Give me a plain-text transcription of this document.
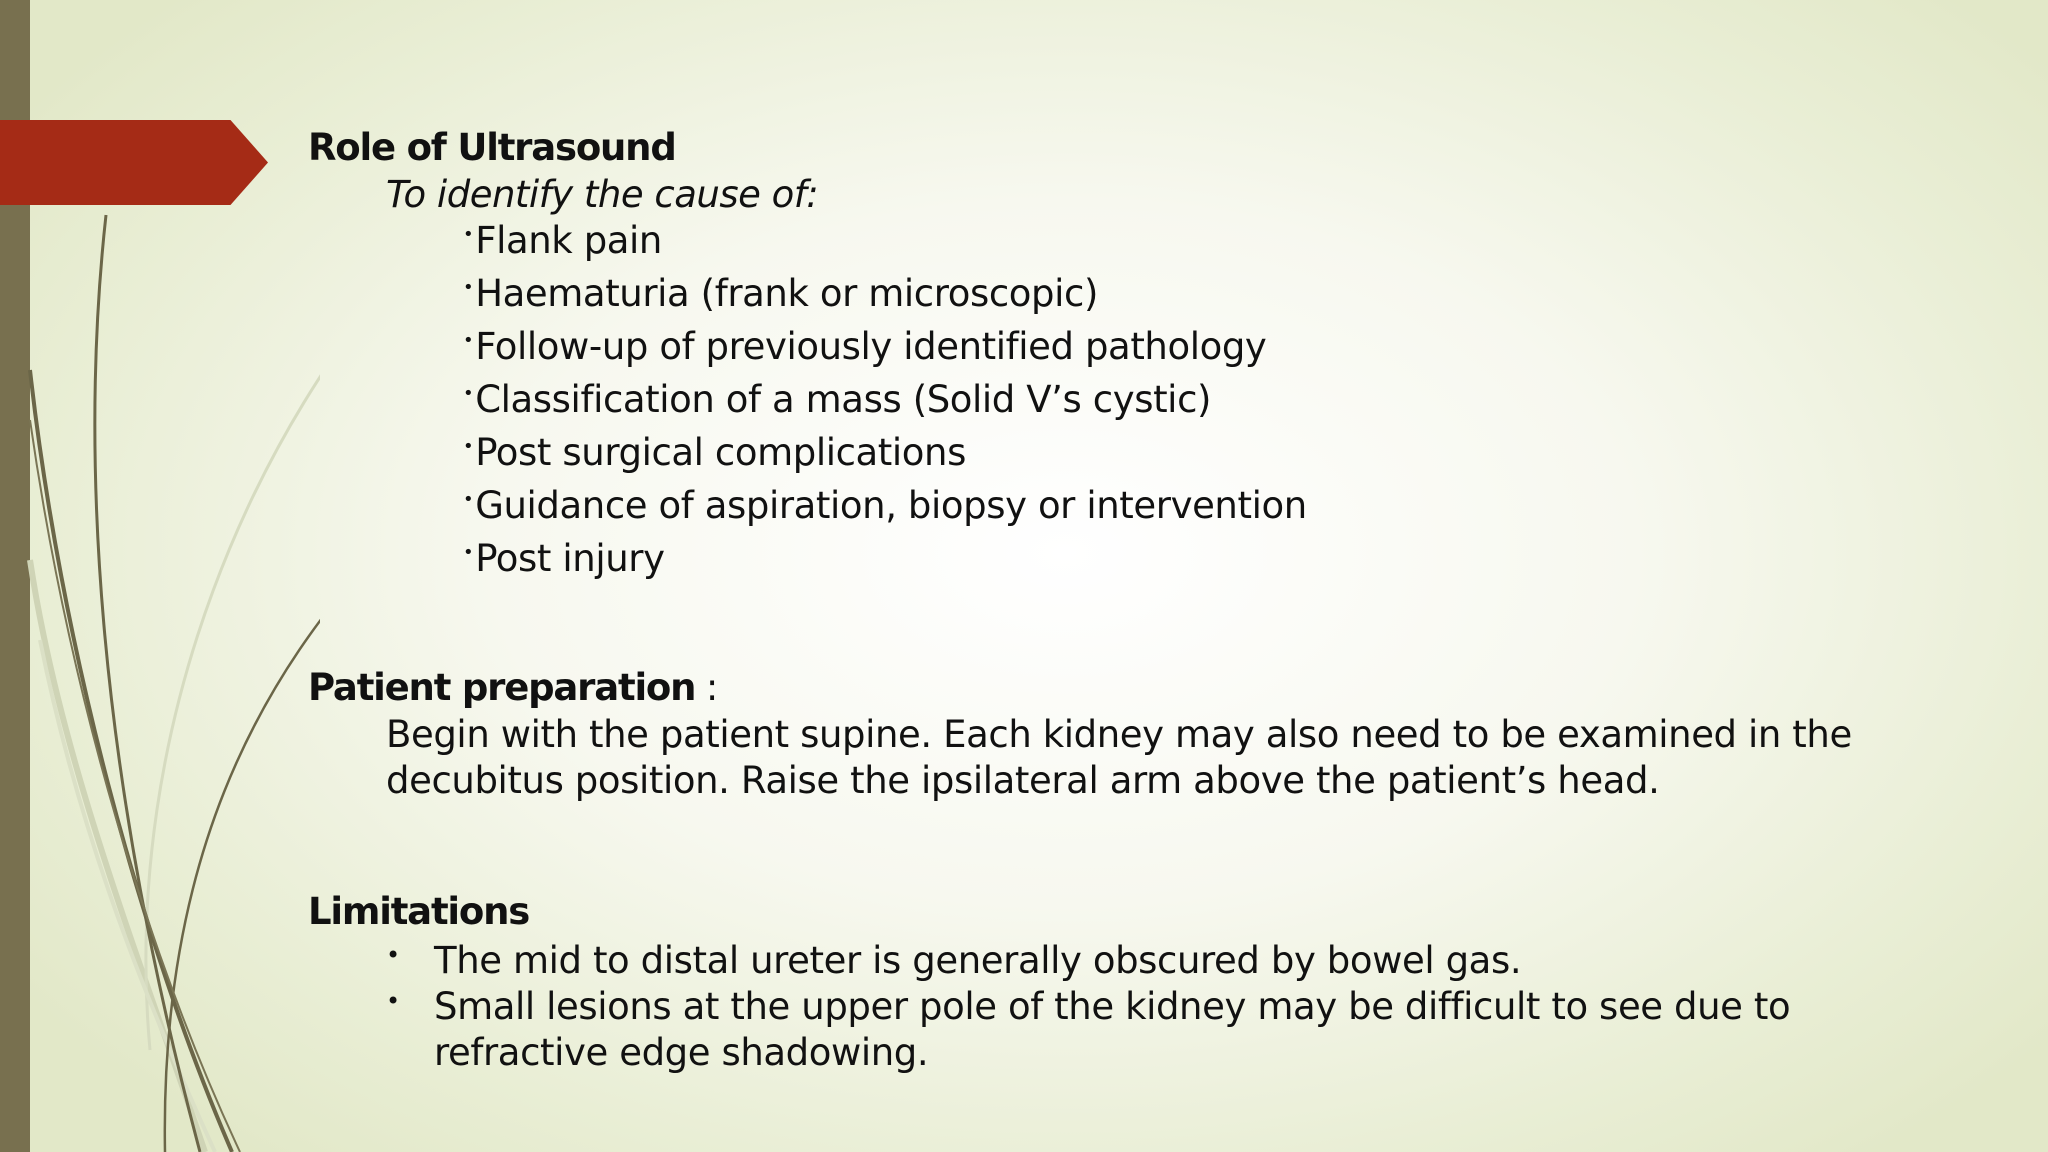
Role of Ultrasound
To identify the cause of:
•Flank pain
•Haematuria (frank or microscopic)
•Follow-up of previously identified pathology
•Classification of a mass (Solid V’s cystic)
•Post surgical complications
•Guidance of aspiration, biopsy or intervention
•Post injury
Patient preparation :
Begin with the patient supine. Each kidney may also need to be examined in the decubitus position. Raise the ipsilateral arm above the patient’s head.
Limitations
• The mid to distal ureter is generally obscured by bowel gas.
• Small lesions at the upper pole of the kidney may be difficult to see due to refractive edge shadowing.
